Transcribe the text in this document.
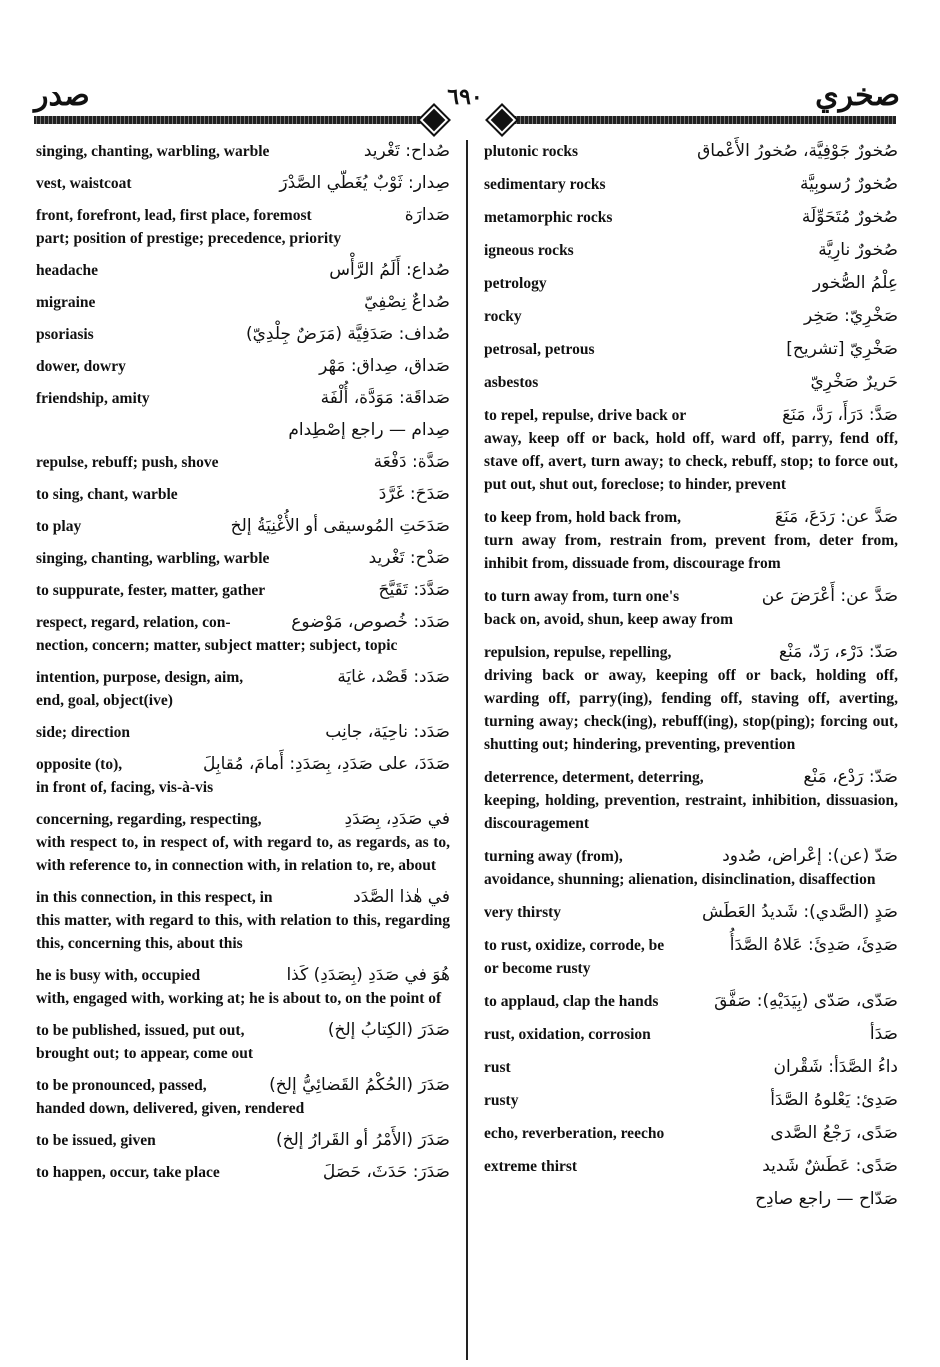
صدر	٦٩٠	صخري
singing, chanting, warbling, warble	صُداح: تَغْريد
vest, waistcoat	صِدار: ثَوْبٌ يُغَطّي الصَّدْرَ
front, forefront, lead, first place, foremost	صَدارَة
part; position of prestige; precedence, priority
headache	صُداع: أَلَمُ الرَّأْس
migraine	صُداعٌ نِصْفِيّ
psoriasis	صُداف: صَدَفِيَّة (مَرَضٌ جِلْدِيّ)
dower, dowry	صَداق، صِداق: مَهْر
friendship, amity	صَداقَة: مَوَدَّة، أُلْفَة
صِدام — راجع إصْطِدام
repulse, rebuff; push, shove	صَدَّة: دَفْعَة
to sing, chant, warble	صَدَحَ: غَرَّدَ
to play	صَدَحَتِ المُوسيقى أو الأُغْنِيَةُ إلخ
singing, chanting, warbling, warble	صَدْح: تَغْريد
to suppurate, fester, matter, gather	صَدَّدَ: تَقَيَّحَ
respect, regard, relation, con-	صَدَد: خُصوص، مَوْضوع
nection, concern; matter, subject matter; subject, topic
intention, purpose, design, aim,	صَدَد: قَصْد، غايَة
end, goal, object(ive)
side; direction	صَدَد: ناحِيَة، جانِب
opposite (to),	صَدَدَ، على صَدَدِ، بِصَدَدِ: أَمامَ، مُقابِلَ
in front of, facing, vis-à-vis
concerning, regarding, respecting,	في صَدَدِ، بِصَدَدِ
with respect to, in respect of, with regard to, as regards, as to, with reference to, in connection with, in relation to, re, about
in this connection, in this respect, in	في هٰذا الصَّدَد
this matter, with regard to this, with relation to this, regarding this, concerning this, about this
he is busy with, occupied	هُوَ في صَدَدِ (بِصَدَدِ) كَذا
with, engaged with, working at; he is about to, on the point of
to be published, issued, put out,	صَدَرَ (الكِتابُ إلخ)
brought out; to appear, come out
to be pronounced, passed,	صَدَرَ (الحُكْمُ القَضائِيُّ إلخ)
handed down, delivered, given, rendered
to be issued, given	صَدَرَ (الأَمْرُ أو القَرارُ إلخ)
to happen, occur, take place	صَدَرَ: حَدَثَ، حَصَلَ
plutonic rocks	صُخورٌ جَوْفِيَّة، صُخورُ الأَعْماق
sedimentary rocks	صُخورٌ رُسوبِيَّة
metamorphic rocks	صُخورٌ مُتَحَوِّلَة
igneous rocks	صُخورٌ نارِيَّة
petrology	عِلْمُ الصُّخور
rocky	صَخْرِيّ: صَخِر
petrosal, petrous	صَخْرِيّ [تشريح]
asbestos	حَريرٌ صَخْرِيّ
to repel, repulse, drive back or	صَدَّ: دَرَأَ، رَدَّ، مَنَعَ
away, keep off or back, hold off, ward off, parry, fend off, stave off, avert, turn away; to check, rebuff, stop; to force out, put out, shut out, foreclose; to hinder, prevent
to keep from, hold back from,	صَدَّ عن: رَدَعَ، مَنَعَ
turn away from, restrain from, prevent from, deter from, inhibit from, dissuade from, discourage from
to turn away from, turn one's	صَدَّ عن: أَعْرَضَ عن
back on, avoid, shun, keep away from
repulsion, repulse, repelling,	صَدّ: دَرْء، رَدّ، مَنْع
driving back or away, keeping off or back, holding off, warding off, parry(ing), fending off, staving off, averting, turning away; check(ing), rebuff(ing), stop(ping); forcing out, shutting out; hindering, preventing, prevention
deterrence, determent, deterring,	صَدّ: رَدْع، مَنْع
keeping, holding, prevention, restraint, inhibition, dissuasion, discouragement
turning away (from),	صَدّ (عن): إعْراض، صُدود
avoidance, shunning; alienation, disinclination, disaffection
very thirsty	صَدٍ (الصَّدي): شَديدُ العَطَش
to rust, oxidize, corrode, be	صَدِئَ، صَدِئَ: عَلاهُ الصَّدَأُ
or become rusty
to applaud, clap the hands	صَدّى، صَدّى (بِيَدَيْهِ): صَفَّقَ
rust, oxidation, corrosion	صَدَأ
rust	داءُ الصَّدَأ: شَقْران
rusty	صَدِئ: يَعْلوهُ الصَّدَأ
echo, reverberation, reecho	صَدًى، رَجْعُ الصَّدى
extreme thirst	صَدًى: عَطَشٌ شَديد
صَدّاح — راجع صادِح
